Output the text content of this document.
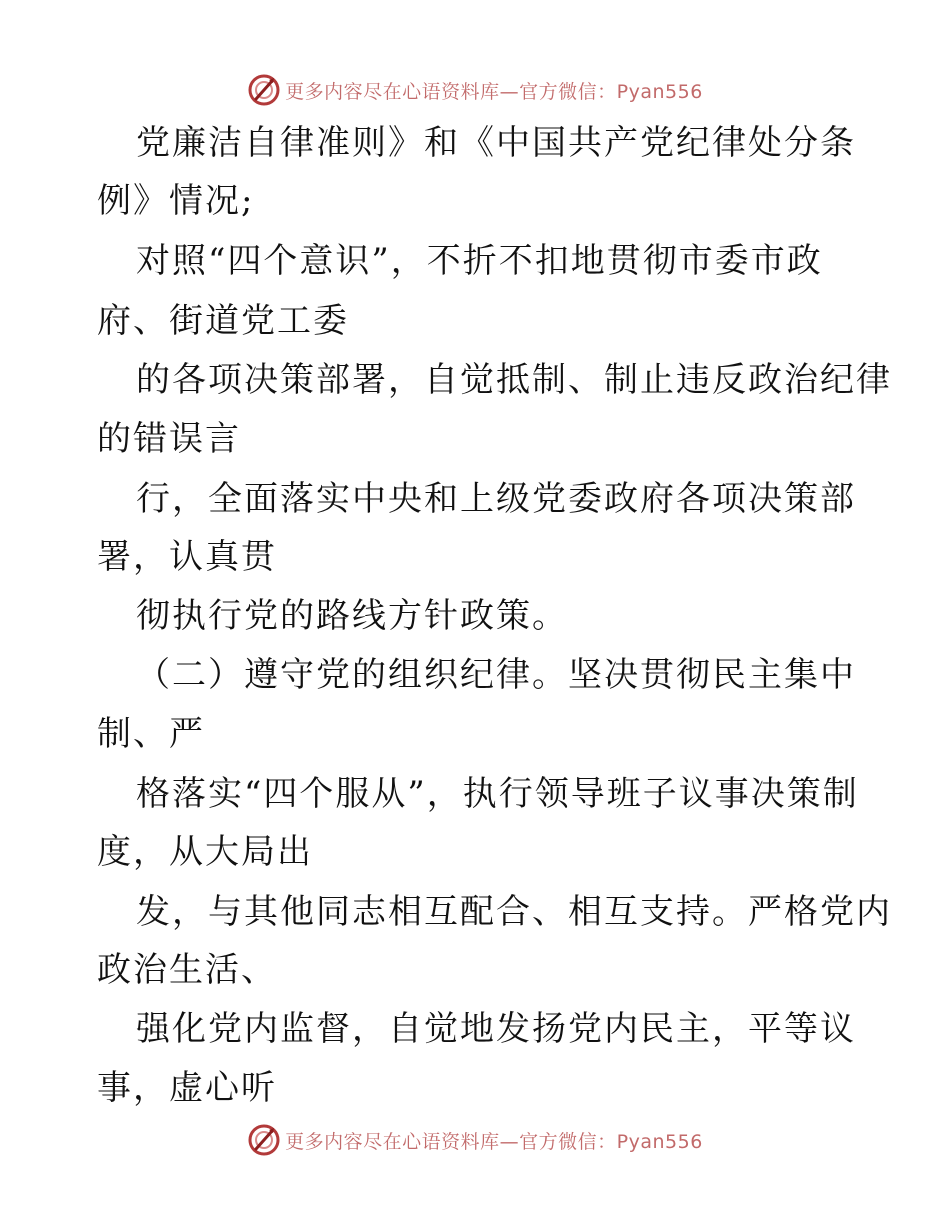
更多内容尽在心语资料库—官方微信：Pyan556
党廉洁自律准则》和《中国共产党纪律处分条
例》情况;
对照“四个意识”，不折不扣地贯彻市委市政
府、街道党工委
的各项决策部署，自觉抵制、制止违反政治纪律
的错误言
行，全面落实中央和上级党委政府各项决策部
署，认真贯
彻执行党的路线方针政策。
（二）遵守党的组织纪律。坚决贯彻民主集中
制、严
格落实“四个服从”，执行领导班子议事决策制
度，从大局出
发，与其他同志相互配合、相互支持。严格党内
政治生活、
强化党内监督，自觉地发扬党内民主，平等议
事，虚心听
更多内容尽在心语资料库—官方微信：Pyan556
